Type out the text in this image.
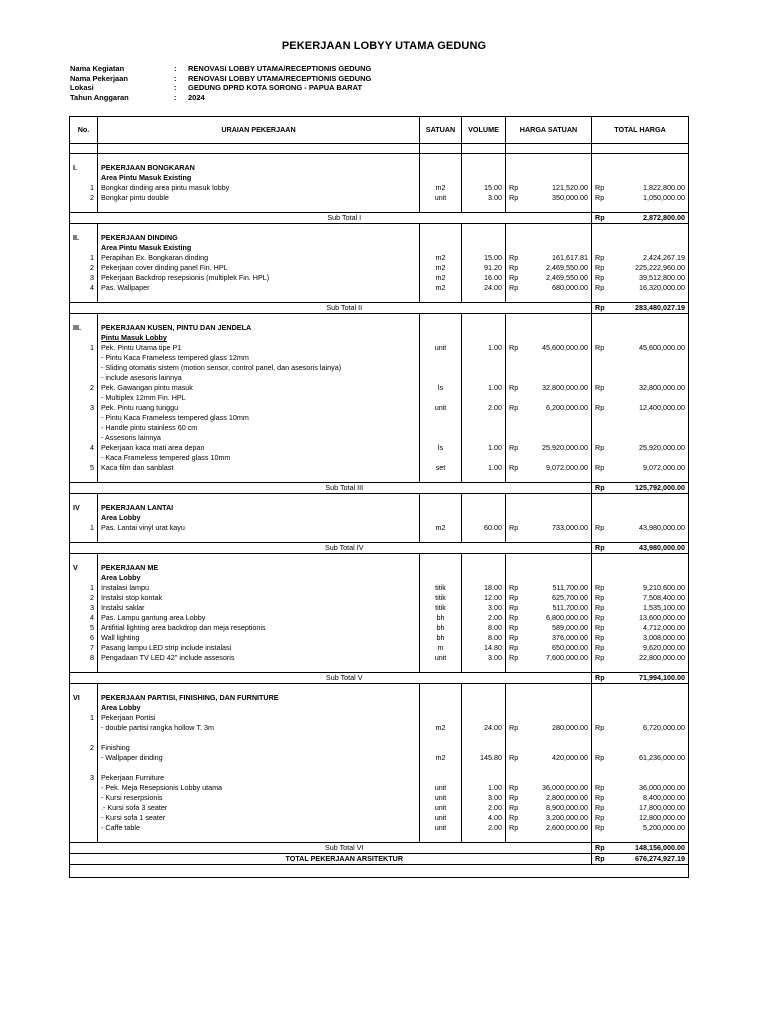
PEKERJAAN LOBYY UTAMA GEDUNG
Nama Kegiatan	: RENOVASI LOBBY UTAMA/RECEPTIONIS GEDUNG
Nama Pekerjaan	: RENOVASI LOBBY UTAMA/RECEPTIONIS GEDUNG
Lokasi	: GEDUNG DPRD KOTA SORONG - PAPUA BARAT
Tahun Anggaran	: 2024
No.	URAIAN PEKERJAAN	SATUAN	VOLUME	HARGA SATUAN		TOTAL HARGA	

I.	PEKERJAAN BONGKARAN						
	Area Pintu Masuk Existing						
1	Bongkar dinding area pintu masuk lobby	m2	15.00	Rp	121,520.00	Rp	1,822,800.00
2	Bongkar pintu double	unit	3.00	Rp	350,000.00	Rp	1,050,000.00

	Sub Total I					Rp	2,872,800.00

II.	PEKERJAAN DINDING						
	Area Pintu Masuk Existing						
1	Perapihan Ex. Bongkaran dinding	m2	15.00	Rp	161,617.81	Rp	2,424,267.19
2	Pekerjaan cover dinding panel Fin. HPL	m2	91.20	Rp	2,469,550.00	Rp	225,222,960.00
3	Pekerjaan Backdrop resepsionis (multiplek Fin. HPL)	m2	16.00	Rp	2,469,550.00	Rp	39,512,800.00
4	Pas. Wallpaper	m2	24.00	Rp	680,000.00	Rp	16,320,000.00

	Sub Total II					Rp	283,480,027.19

III.	PEKERJAAN KUSEN, PINTU DAN JENDELA						
	Pintu Masuk Lobby						
1	Pek. Pintu Utama tipe P1	unit	1.00	Rp	45,600,000.00	Rp	45,600,000.00
	- Pintu Kaca Frameless tempered glass 12mm						
	- Sliding otomatis sistem (motion sensor, control panel, dan asesoris lainya)						
	- include asesoris lainnya						
2	Pek. Gawangan pintu masuk	ls	1.00	Rp	32,800,000.00	Rp	32,800,000.00
	- Multiplex 12mm Fin. HPL						
3	Pek. Pintu ruang tunggu	unit	2.00	Rp	6,200,000.00	Rp	12,400,000.00
	- Pintu Kaca Frameless tempered glass 10mm						
	- Handle pintu stainless 60 cm						
	- Assesoris lainnya						
4	Pekerjaan kaca mati area depan	ls	1.00	Rp	25,920,000.00	Rp	25,920,000.00
	- Kaca Frameless tempered glass 10mm						
5	Kaca film dan sanblast	set	1.00	Rp	9,072,000.00	Rp	9,072,000.00

	Sub Total III					Rp	125,792,000.00

IV	PEKERJAAN LANTAI						
	Area Lobby						
1	Pas. Lantai vinyl urat kayu	m2	60.00	Rp	733,000.00	Rp	43,980,000.00

	Sub Total IV					Rp	43,980,000.00

V	PEKERJAAN ME						
	Area Lobby						
1	Instalasi lampu	titik	18.00	Rp	511,700.00	Rp	9,210,600.00
2	Instalsi stop kontak	titik	12.00	Rp	625,700.00	Rp	7,508,400.00
3	Instalsi saklar	titik	3.00	Rp	511,700.00	Rp	1,535,100.00
4	Pas. Lampu gantung area Lobby	bh	2.00	Rp	6,800,000.00	Rp	13,600,000.00
5	Artifitial lighting area backdrop dan meja reseptionis	bh	8.00	Rp	589,000.00	Rp	4,712,000.00
6	Wall lighting	bh	8.00	Rp	376,000.00	Rp	3,008,000.00
7	Pasang lampu LED strip include instalasi	m	14.80	Rp	650,000.00	Rp	9,620,000.00
8	Pengadaan TV LED 42" include assesoris	unit	3.00	Rp	7,600,000.00	Rp	22,800,000.00

	Sub Total V					Rp	71,994,100.00

VI	PEKERJAAN PARTISI, FINISHING, DAN FURNITURE						
	Area Lobby						
1	Pekerjaan Portisi						
	- double partisi rangka hollow T. 3m	m2	24.00	Rp	280,000.00	Rp	6,720,000.00

2	Finishing						
	- Wallpaper dinding	m2	145.80	Rp	420,000.00	Rp	61,236,000.00

3	Pekerjaan Furniture						
	- Pek. Meja Resepsionis Lobby utama	unit	1.00	Rp	36,000,000.00	Rp	36,000,000.00
	- Kursi reserpsionis	unit	3.00	Rp	2,800,000.00	Rp	8,400,000.00
	.- Kursi sofa 3 seater	unit	2.00	Rp	8,900,000.00	Rp	17,800,000.00
	- Kursi sofa 1 seater	unit	4.00	Rp	3,200,000.00	Rp	12,800,000.00
	- Caffe table	unit	2.00	Rp	2,600,000.00	Rp	5,200,000.00

	Sub Total VI					Rp	148,156,000.00
	TOTAL PEKERJAAN ARSITEKTUR					Rp	676,274,927.19
